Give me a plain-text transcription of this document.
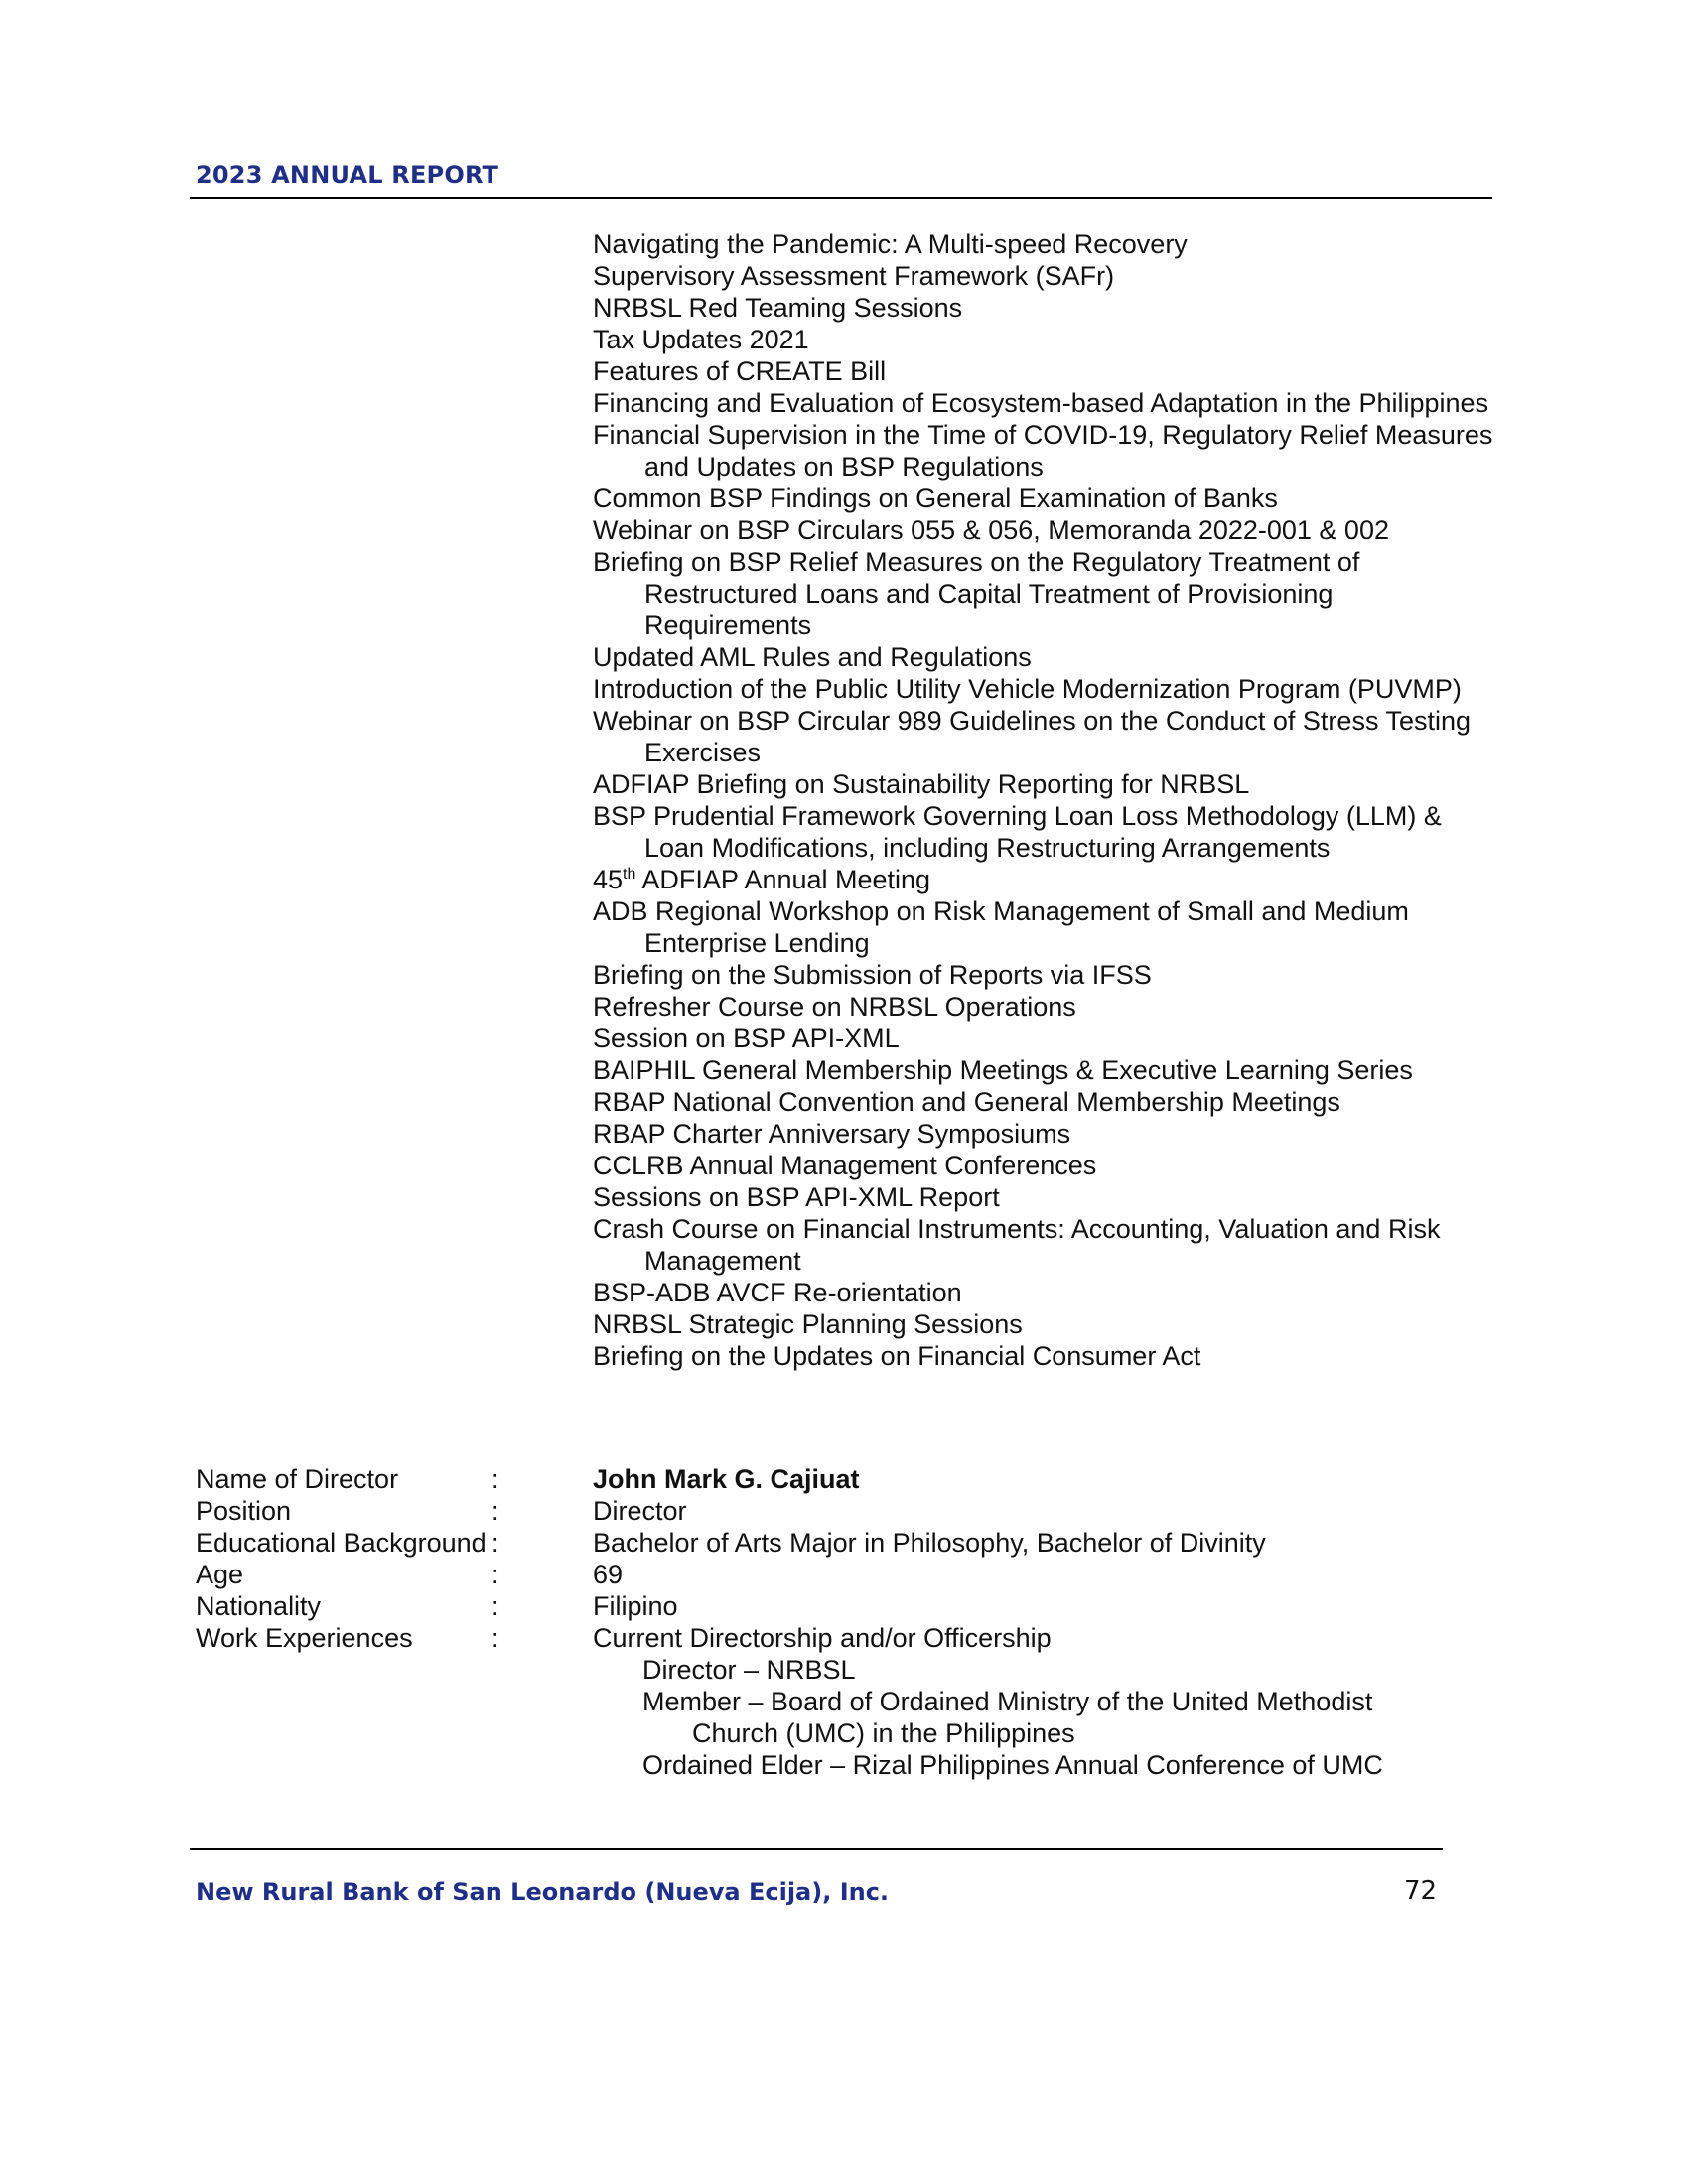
2023 ANNUAL REPORT
Navigating the Pandemic: A Multi-speed Recovery
Supervisory Assessment Framework (SAFr)
NRBSL Red Teaming Sessions
Tax Updates 2021
Features of CREATE Bill
Financing and Evaluation of Ecosystem-based Adaptation in the Philippines
Financial Supervision in the Time of COVID-19, Regulatory Relief Measures and Updates on BSP Regulations
Common BSP Findings on General Examination of Banks
Webinar on BSP Circulars 055 & 056, Memoranda 2022-001 & 002
Briefing on BSP Relief Measures on the Regulatory Treatment of Restructured Loans and Capital Treatment of Provisioning Requirements
Updated AML Rules and Regulations
Introduction of the Public Utility Vehicle Modernization Program (PUVMP)
Webinar on BSP Circular 989 Guidelines on the Conduct of Stress Testing Exercises
ADFIAP Briefing on Sustainability Reporting for NRBSL
BSP Prudential Framework Governing Loan Loss Methodology (LLM) & Loan Modifications, including Restructuring Arrangements
45th ADFIAP Annual Meeting
ADB Regional Workshop on Risk Management of Small and Medium Enterprise Lending
Briefing on the Submission of Reports via IFSS
Refresher Course on NRBSL Operations
Session on BSP API-XML
BAIPHIL General Membership Meetings & Executive Learning Series
RBAP National Convention and General Membership Meetings
RBAP Charter Anniversary Symposiums
CCLRB Annual Management Conferences
Sessions on BSP API-XML Report
Crash Course on Financial Instruments: Accounting, Valuation and Risk Management
BSP-ADB AVCF Re-orientation
NRBSL Strategic Planning Sessions
Briefing on the Updates on Financial Consumer Act
Name of Director	:	John Mark G. Cajiuat
Position	:	Director
Educational Background :	Bachelor of Arts Major in Philosophy, Bachelor of Divinity
Age	:	69
Nationality	:	Filipino
Work Experiences	:	Current Directorship and/or Officership
Director – NRBSL
Member – Board of Ordained Ministry of the United Methodist
Church (UMC) in the Philippines
Ordained Elder – Rizal Philippines Annual Conference of UMC
New Rural Bank of San Leonardo (Nueva Ecija), Inc.	72
